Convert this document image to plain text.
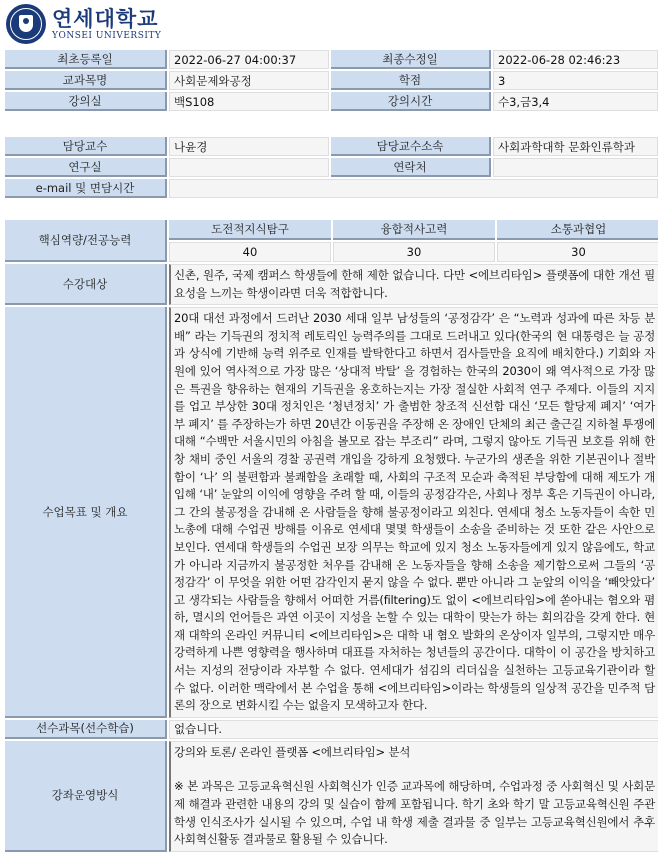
연세대학교
YONSEI UNIVERSITY
최초등록일	2022-06-27 04:00:37	최종수정일	2022-06-28 02:46:23
교과목명	사회문제와공정	학점	3
강의실	백S108	강의시간	수3,금3,4
담당교수	나윤경	담당교수소속	사회과학대학 문화인류학과
연구실		연락처	
e-mail 및 면담시간			
핵심역량/전공능력	도전적지식탐구	융합적사고력	소통과협업
	40	30	30
수강대상	신촌, 원주, 국제 캠퍼스 학생들에 한해 제한 없습니다. 다만 <에브리타임> 플랫폼에 대한 개선 필요성을 느끼는 학생이라면 더욱 적합합니다.		
수업목표 및 개요	20대 대선 과정에서 드러난 2030 세대 일부 남성들의 ‘공정감각’ 은 “노력과 성과에 따른 차등 분배” 라는 기득권의 정치적 레토릭인 능력주의를 그대로 드러내고 있다(한국의 현 대통령은 늘 공정과 상식에 기반해 능력 위주로 인재를 발탁한다고 하면서 검사들만을 요직에 배치한다.) 기회와 자원에 있어 역사적으로 가장 많은 ‘상대적 박탈’ 을 경험하는 한국의 2030이 왜 역사적으로 가장 많은 특권을 향유하는 현재의 기득권을 옹호하는지는 가장 절실한 사회적 연구 주제다. 이들의 지지를 업고 부상한 30대 정치인은 ‘청년정치’ 가 출범한 창조적 신선함 대신 ‘모든 할당제 폐지’ ‘여가부 폐지’ 를 주장하는가 하면 20년간 이동권을 주장해 온 장애인 단체의 최근 출근길 지하철 투쟁에 대해 “수백만 서울시민의 아침을 볼모로 잡는 부조리” 라며, 그렇지 않아도 기득권 보호를 위해 한창 채비 중인 서울의 경찰 공권력 개입을 강하게 요청했다. 누군가의 생존을 위한 기본권이나 절박함이 ‘나’ 의 불편함과 불쾌함을 초래할 때, 사회의 구조적 모순과 축적된 부당함에 대해 제도가 개입해 ‘내’ 눈앞의 이익에 영향을 주려 할 때, 이들의 공정감각은, 사회나 정부 혹은 기득권이 아니라, 그 간의 불공정을 감내해 온 사람들을 향해 불공정이라고 외친다. 연세대 청소 노동자들이 속한 민노총에 대해 수업권 방해를 이유로 연세대 몇몇 학생들이 소송을 준비하는 것 또한 같은 사안으로 보인다. 연세대 학생들의 수업권 보장 의무는 학교에 있지 청소 노동자들에게 있지 않음에도, 학교가 아니라 지금까지 불공정한 처우를 감내해 온 노동자들을 향해 소송을 제기함으로써 그들의 ‘공정감각’ 이 무엇을 위한 어떤 감각인지 묻지 않을 수 없다. 뿐만 아니라 그 눈앞의 이익을 ‘빼앗았다’ 고 생각되는 사람들을 향해서 어떠한 거름(filtering)도 없이 <에브리타임>에 쏟아내는 혐오와 폄하, 멸시의 언어들은 과연 이곳이 지성을 논할 수 있는 대학이 맞는가 하는 회의감을 갖게 한다. 현재 대학의 온라인 커뮤니티 <에브리타임>은 대학 내 혐오 발화의 온상이자 일부의, 그렇지만 매우 강력하게 나쁜 영향력을 행사하며 대표를 자처하는 청년들의 공간이다. 대학이 이 공간을 방치하고서는 지성의 전당이라 자부할 수 없다. 연세대가 섬김의 리더십을 실천하는 고등교육기관이라 할 수 없다. 이러한 맥락에서 본 수업을 통해 <에브리타임>이라는 학생들의 일상적 공간을 민주적 담론의 장으로 변화시킬 수는 없을지 모색하고자 한다.		
선수과목(선수학습)	없습니다.		
강좌운영방식	강의와 토론/ 온라인 플랫폼 <에브리타임> 분석
※ 본 과목은 고등교육혁신원 사회혁신가 인증 교과목에 해당하며, 수업과정 중 사회혁신 및 사회문제 해결과 관련한 내용의 강의 및 실습이 함께 포함됩니다. 학기 초와 학기 말 고등교육혁신원 주관 학생 인식조사가 실시될 수 있으며, 수업 내 학생 제출 결과물 중 일부는 고등교육혁신원에서 추후 사회혁신활동 결과물로 활용될 수 있습니다.		
